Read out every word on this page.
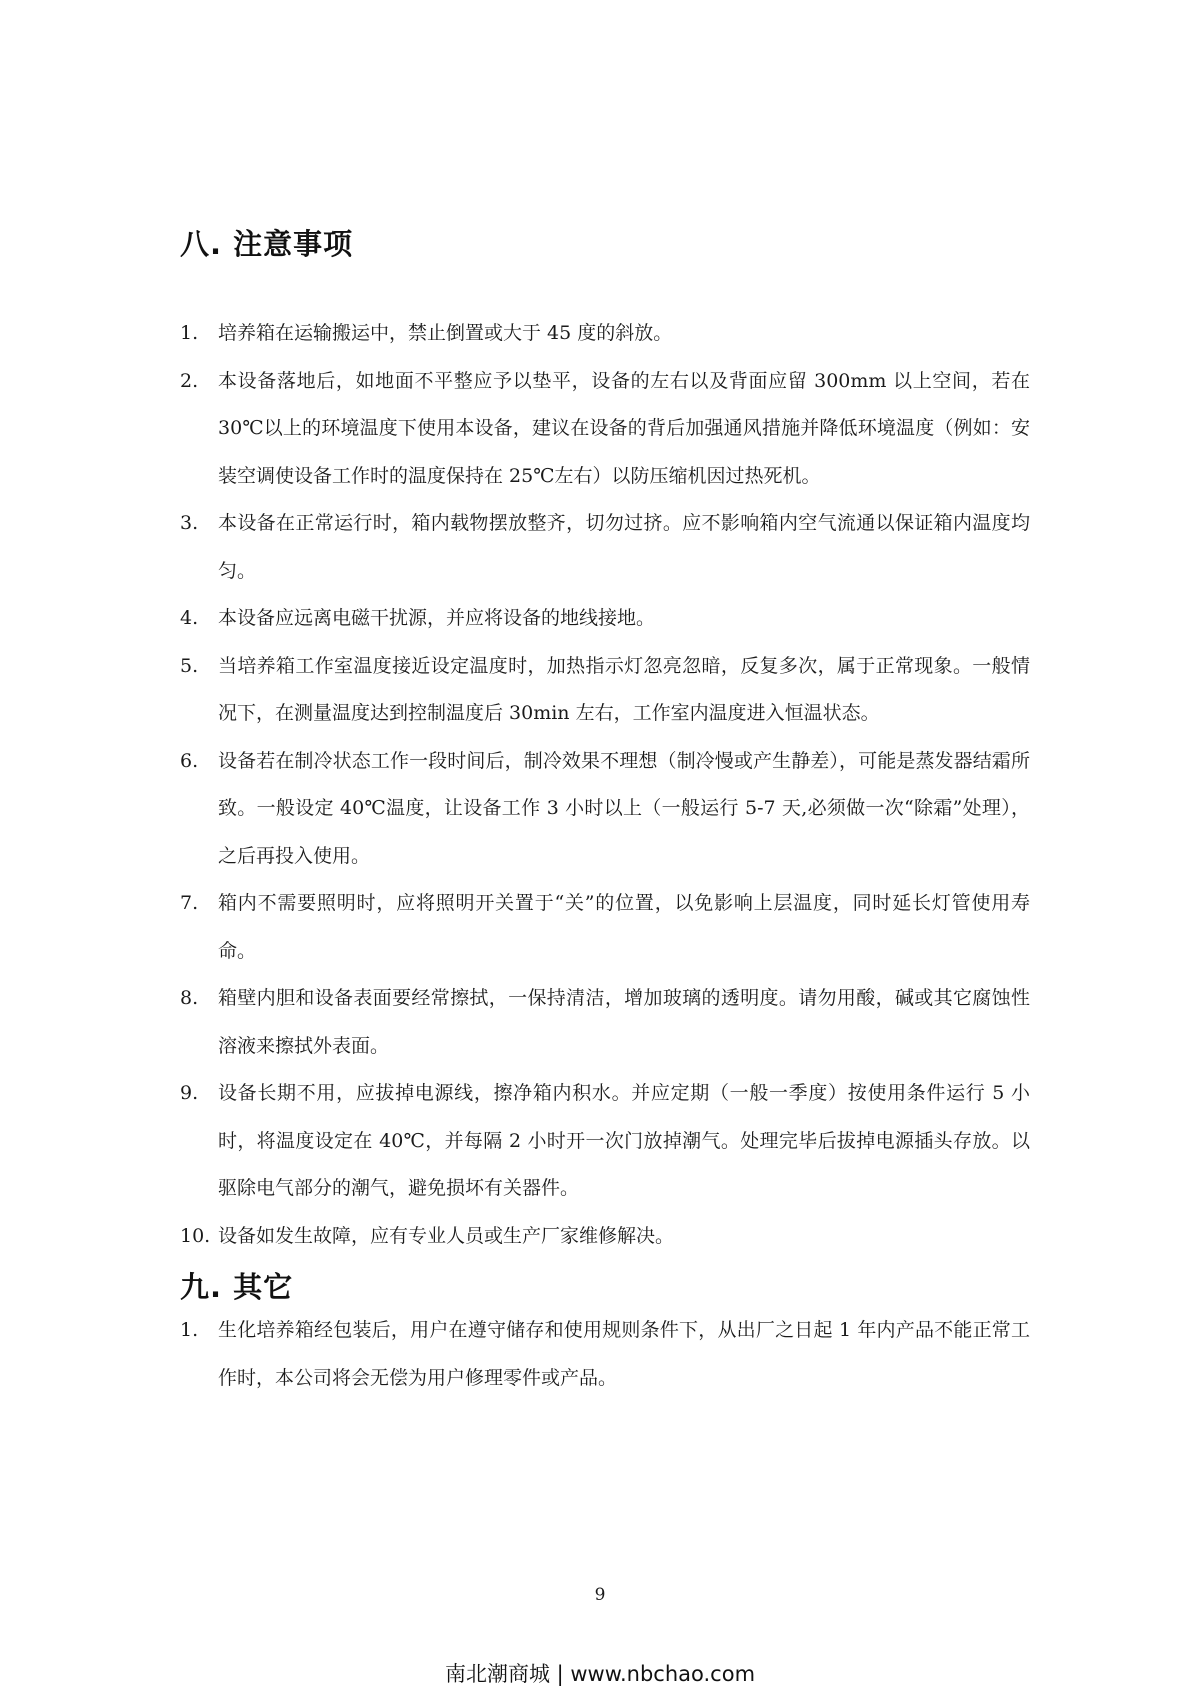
八. 注意事项
1.	培养箱在运输搬运中，禁止倒置或大于 45 度的斜放。
2.	本设备落地后，如地面不平整应予以垫平，设备的左右以及背面应留 300mm 以上空间，若在 30℃以上的环境温度下使用本设备，建议在设备的背后加强通风措施并降低环境温度（例如：安装空调使设备工作时的温度保持在 25℃左右）以防压缩机因过热死机。
3.	本设备在正常运行时，箱内载物摆放整齐，切勿过挤。应不影响箱内空气流通以保证箱内温度均匀。
4.	本设备应远离电磁干扰源，并应将设备的地线接地。
5.	当培养箱工作室温度接近设定温度时，加热指示灯忽亮忽暗，反复多次，属于正常现象。一般情况下，在测量温度达到控制温度后 30min 左右，工作室内温度进入恒温状态。
6.	设备若在制冷状态工作一段时间后，制冷效果不理想（制冷慢或产生静差），可能是蒸发器结霜所致。一般设定 40℃温度，让设备工作 3 小时以上（一般运行 5-7 天,必须做一次“除霜”处理），之后再投入使用。
7.	箱内不需要照明时，应将照明开关置于“关”的位置，以免影响上层温度，同时延长灯管使用寿命。
8.	箱壁内胆和设备表面要经常擦拭，一保持清洁，增加玻璃的透明度。请勿用酸，碱或其它腐蚀性溶液来擦拭外表面。
9.	设备长期不用，应拔掉电源线，擦净箱内积水。并应定期（一般一季度）按使用条件运行 5 小时，将温度设定在 40℃，并每隔 2 小时开一次门放掉潮气。处理完毕后拔掉电源插头存放。以驱除电气部分的潮气，避免损坏有关器件。
10. 设备如发生故障，应有专业人员或生产厂家维修解决。
九. 其它
1.	生化培养箱经包装后，用户在遵守储存和使用规则条件下，从出厂之日起 1 年内产品不能正常工作时，本公司将会无偿为用户修理零件或产品。
9
南北潮商城 | www.nbchao.com
